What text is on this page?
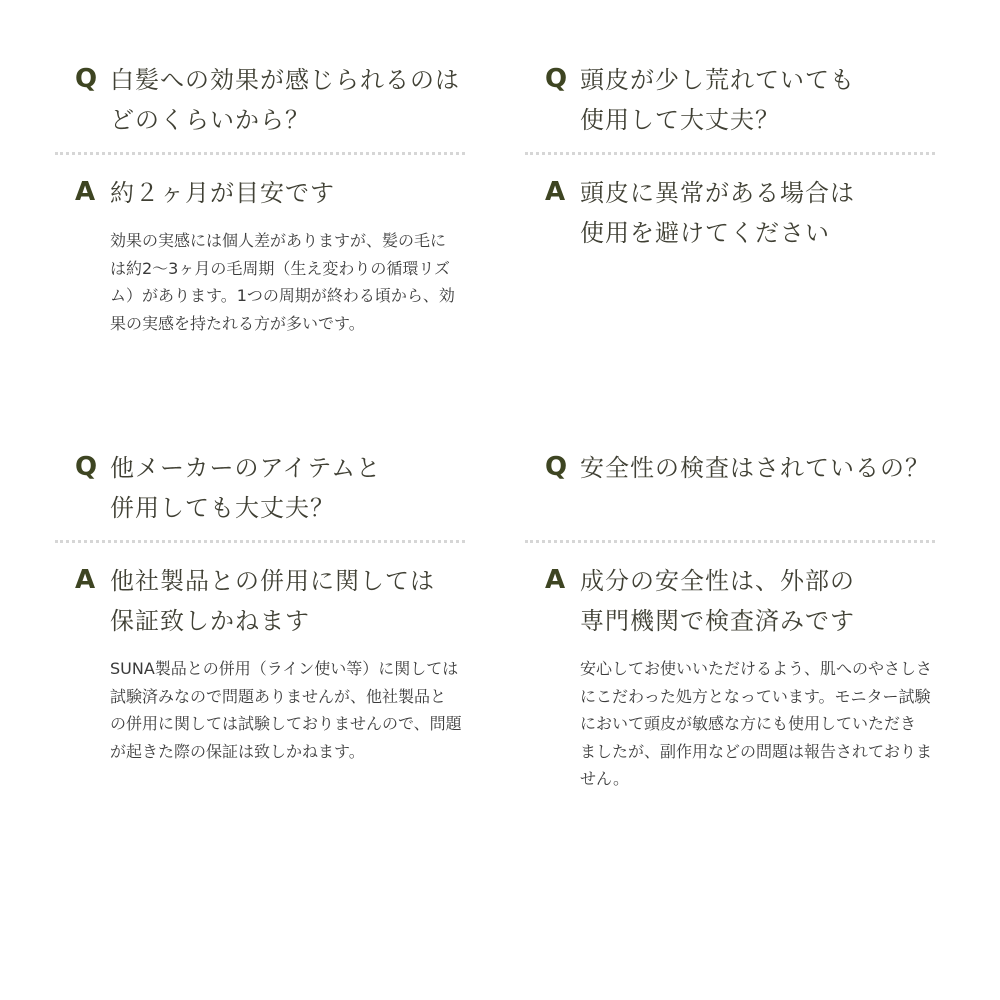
Q 白髪への効果が感じられるのは
どのくらいから？
A 約２ヶ月が目安です
効果の実感には個人差がありますが、髪の毛に
は約2〜3ヶ月の毛周期（生え変わりの循環リズ
ム）があります。1つの周期が終わる頃から、効
果の実感を持たれる方が多いです。
Q 頭皮が少し荒れていても
使用して大丈夫？
A 頭皮に異常がある場合は
使用を避けてください
Q 他メーカーのアイテムと
併用しても大丈夫？
A 他社製品との併用に関しては
保証致しかねます
SUNA製品との併用（ライン使い等）に関しては
試験済みなので問題ありませんが、他社製品と
の併用に関しては試験しておりませんので、問題
が起きた際の保証は致しかねます。
Q 安全性の検査はされているの？
A 成分の安全性は、外部の
専門機関で検査済みです
安心してお使いいただけるよう、肌へのやさしさ
にこだわった処方となっています。モニター試験
において頭皮が敏感な方にも使用していただき
ましたが、副作用などの問題は報告されておりま
せん。
